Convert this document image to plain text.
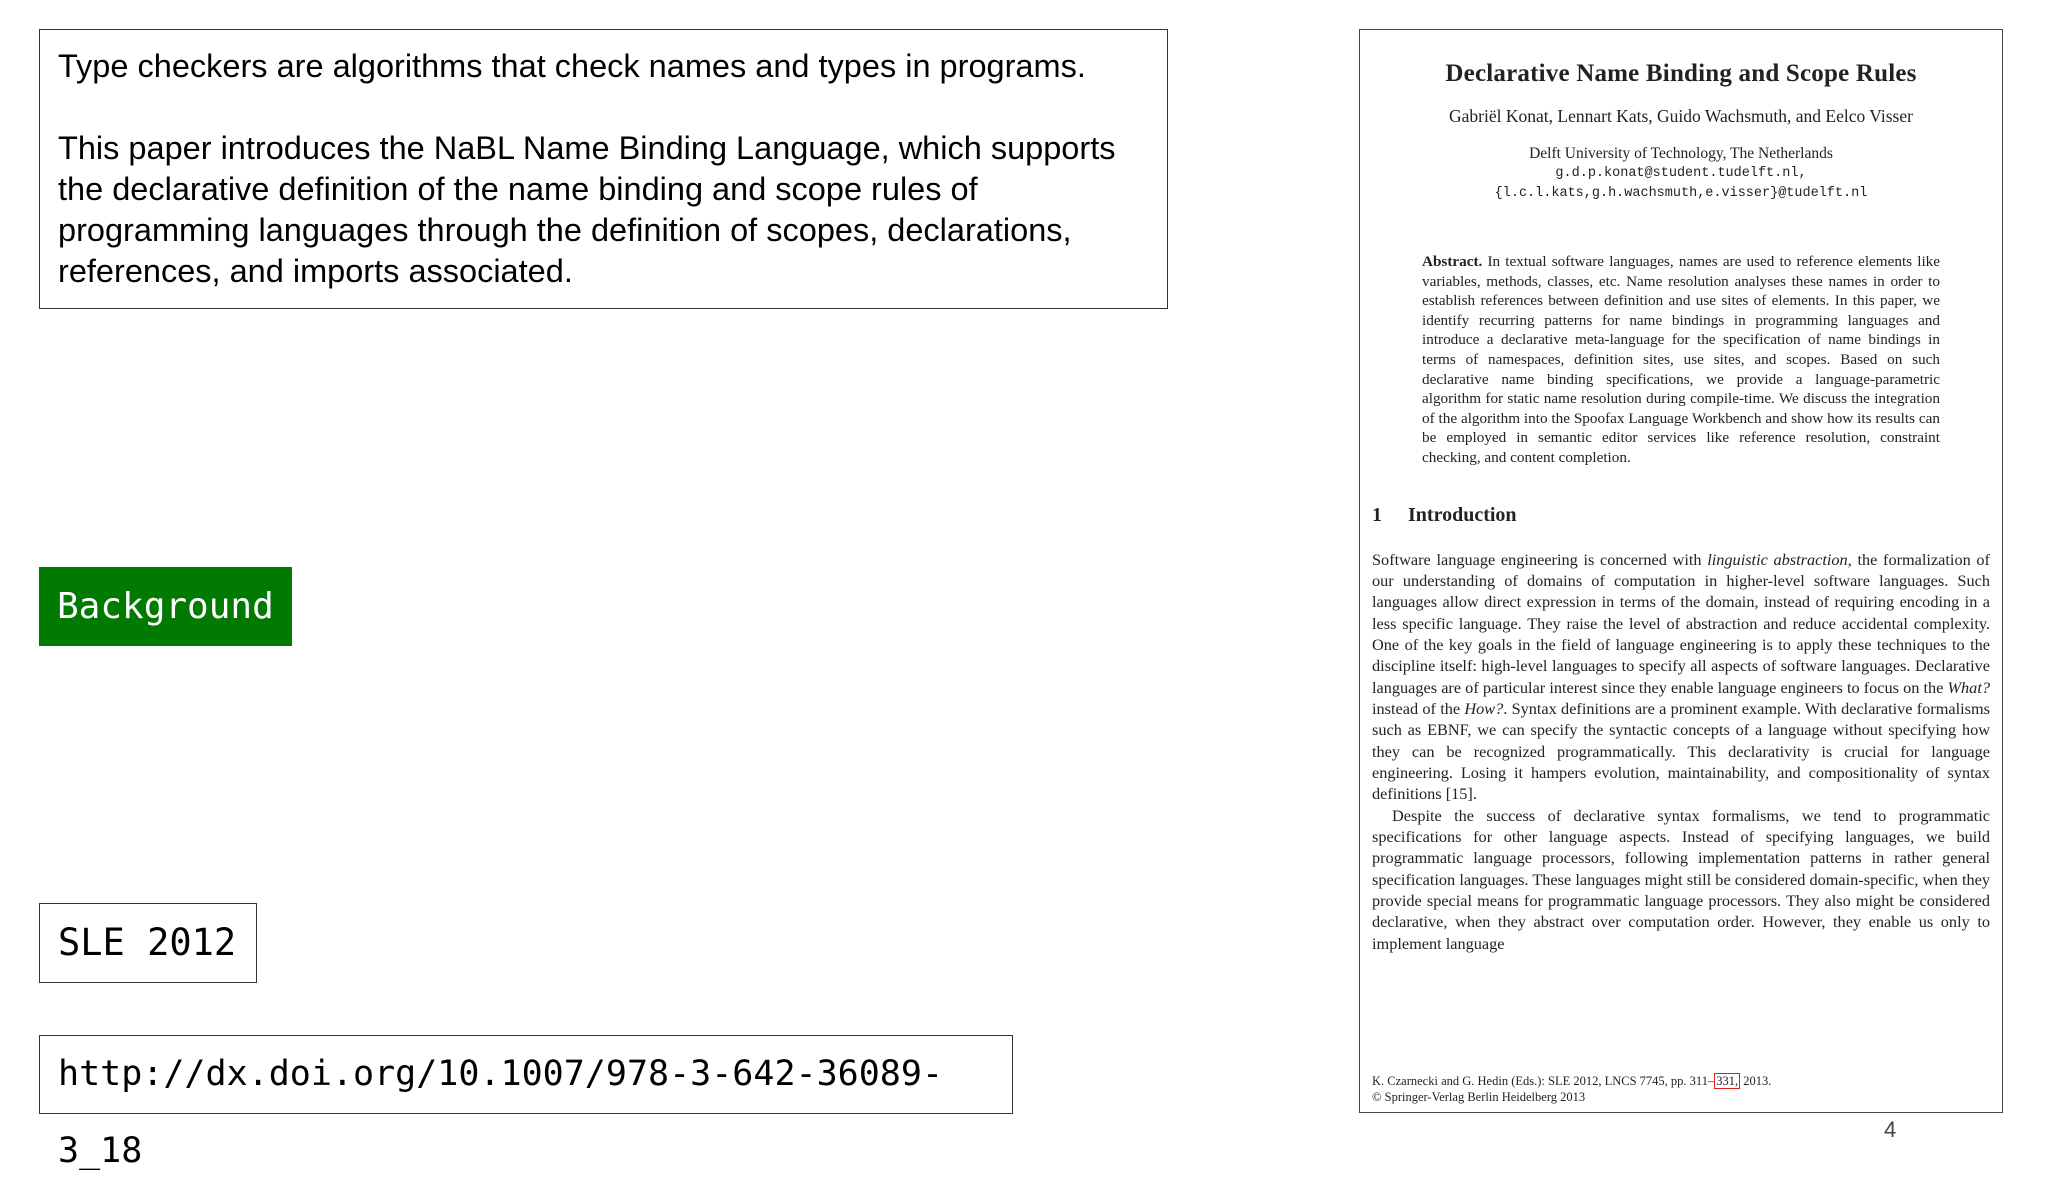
Type checkers are algorithms that check names and types in programs.

This paper introduces the NaBL Name Binding Language, which supports the declarative definition of the name binding and scope rules of programming languages through the definition of scopes, declarations, references, and imports associated.

Background
SLE 2012
http://dx.doi.org/10.1007/978-3-642-36089-3_18
Declarative Name Binding and Scope Rules
Gabriël Konat, Lennart Kats, Guido Wachsmuth, and Eelco Visser
Delft University of Technology, The Netherlands
g.d.p.konat@student.tudelft.nl,
{l.c.l.kats,g.h.wachsmuth,e.visser}@tudelft.nl
Abstract. In textual software languages, names are used to reference elements like variables, methods, classes, etc. Name resolution analyses these names in order to establish references between definition and use sites of elements. In this paper, we identify recurring patterns for name bindings in programming languages and introduce a declarative meta-language for the specification of name bindings in terms of namespaces, definition sites, use sites, and scopes. Based on such declarative name binding specifications, we provide a language-parametric algorithm for static name resolution during compile-time. We discuss the integration of the algorithm into the Spoofax Language Workbench and show how its results can be employed in semantic editor services like reference resolution, constraint checking, and content completion.
1 Introduction

Software language engineering is concerned with linguistic abstraction, the formalization of our understanding of domains of computation in higher-level software languages. Such languages allow direct expression in terms of the domain, instead of requiring encoding in a less specific language. They raise the level of abstraction and reduce accidental complexity. One of the key goals in the field of language engineering is to apply these techniques to the discipline itself: high-level languages to specify all aspects of software languages. Declarative languages are of particular interest since they enable language engineers to focus on the What? instead of the How?. Syntax definitions are a prominent example. With declarative formalisms such as EBNF, we can specify the syntactic concepts of a language without specifying how they can be recognized programmatically. This declarativity is crucial for language engineering. Losing it hampers evolution, maintainability, and compositionality of syntax definitions [15].

Despite the success of declarative syntax formalisms, we tend to programmatic specifications for other language aspects. Instead of specifying languages, we build programmatic language processors, following implementation patterns in rather general specification languages. These languages might still be considered domain-specific, when they provide special means for programmatic language processors. They also might be considered declarative, when they abstract over computation order. However, they enable us only to implement language

K. Czarnecki and G. Hedin (Eds.): SLE 2012, LNCS 7745, pp. 311– 331, 2013.
© Springer-Verlag Berlin Heidelberg 2013
4
